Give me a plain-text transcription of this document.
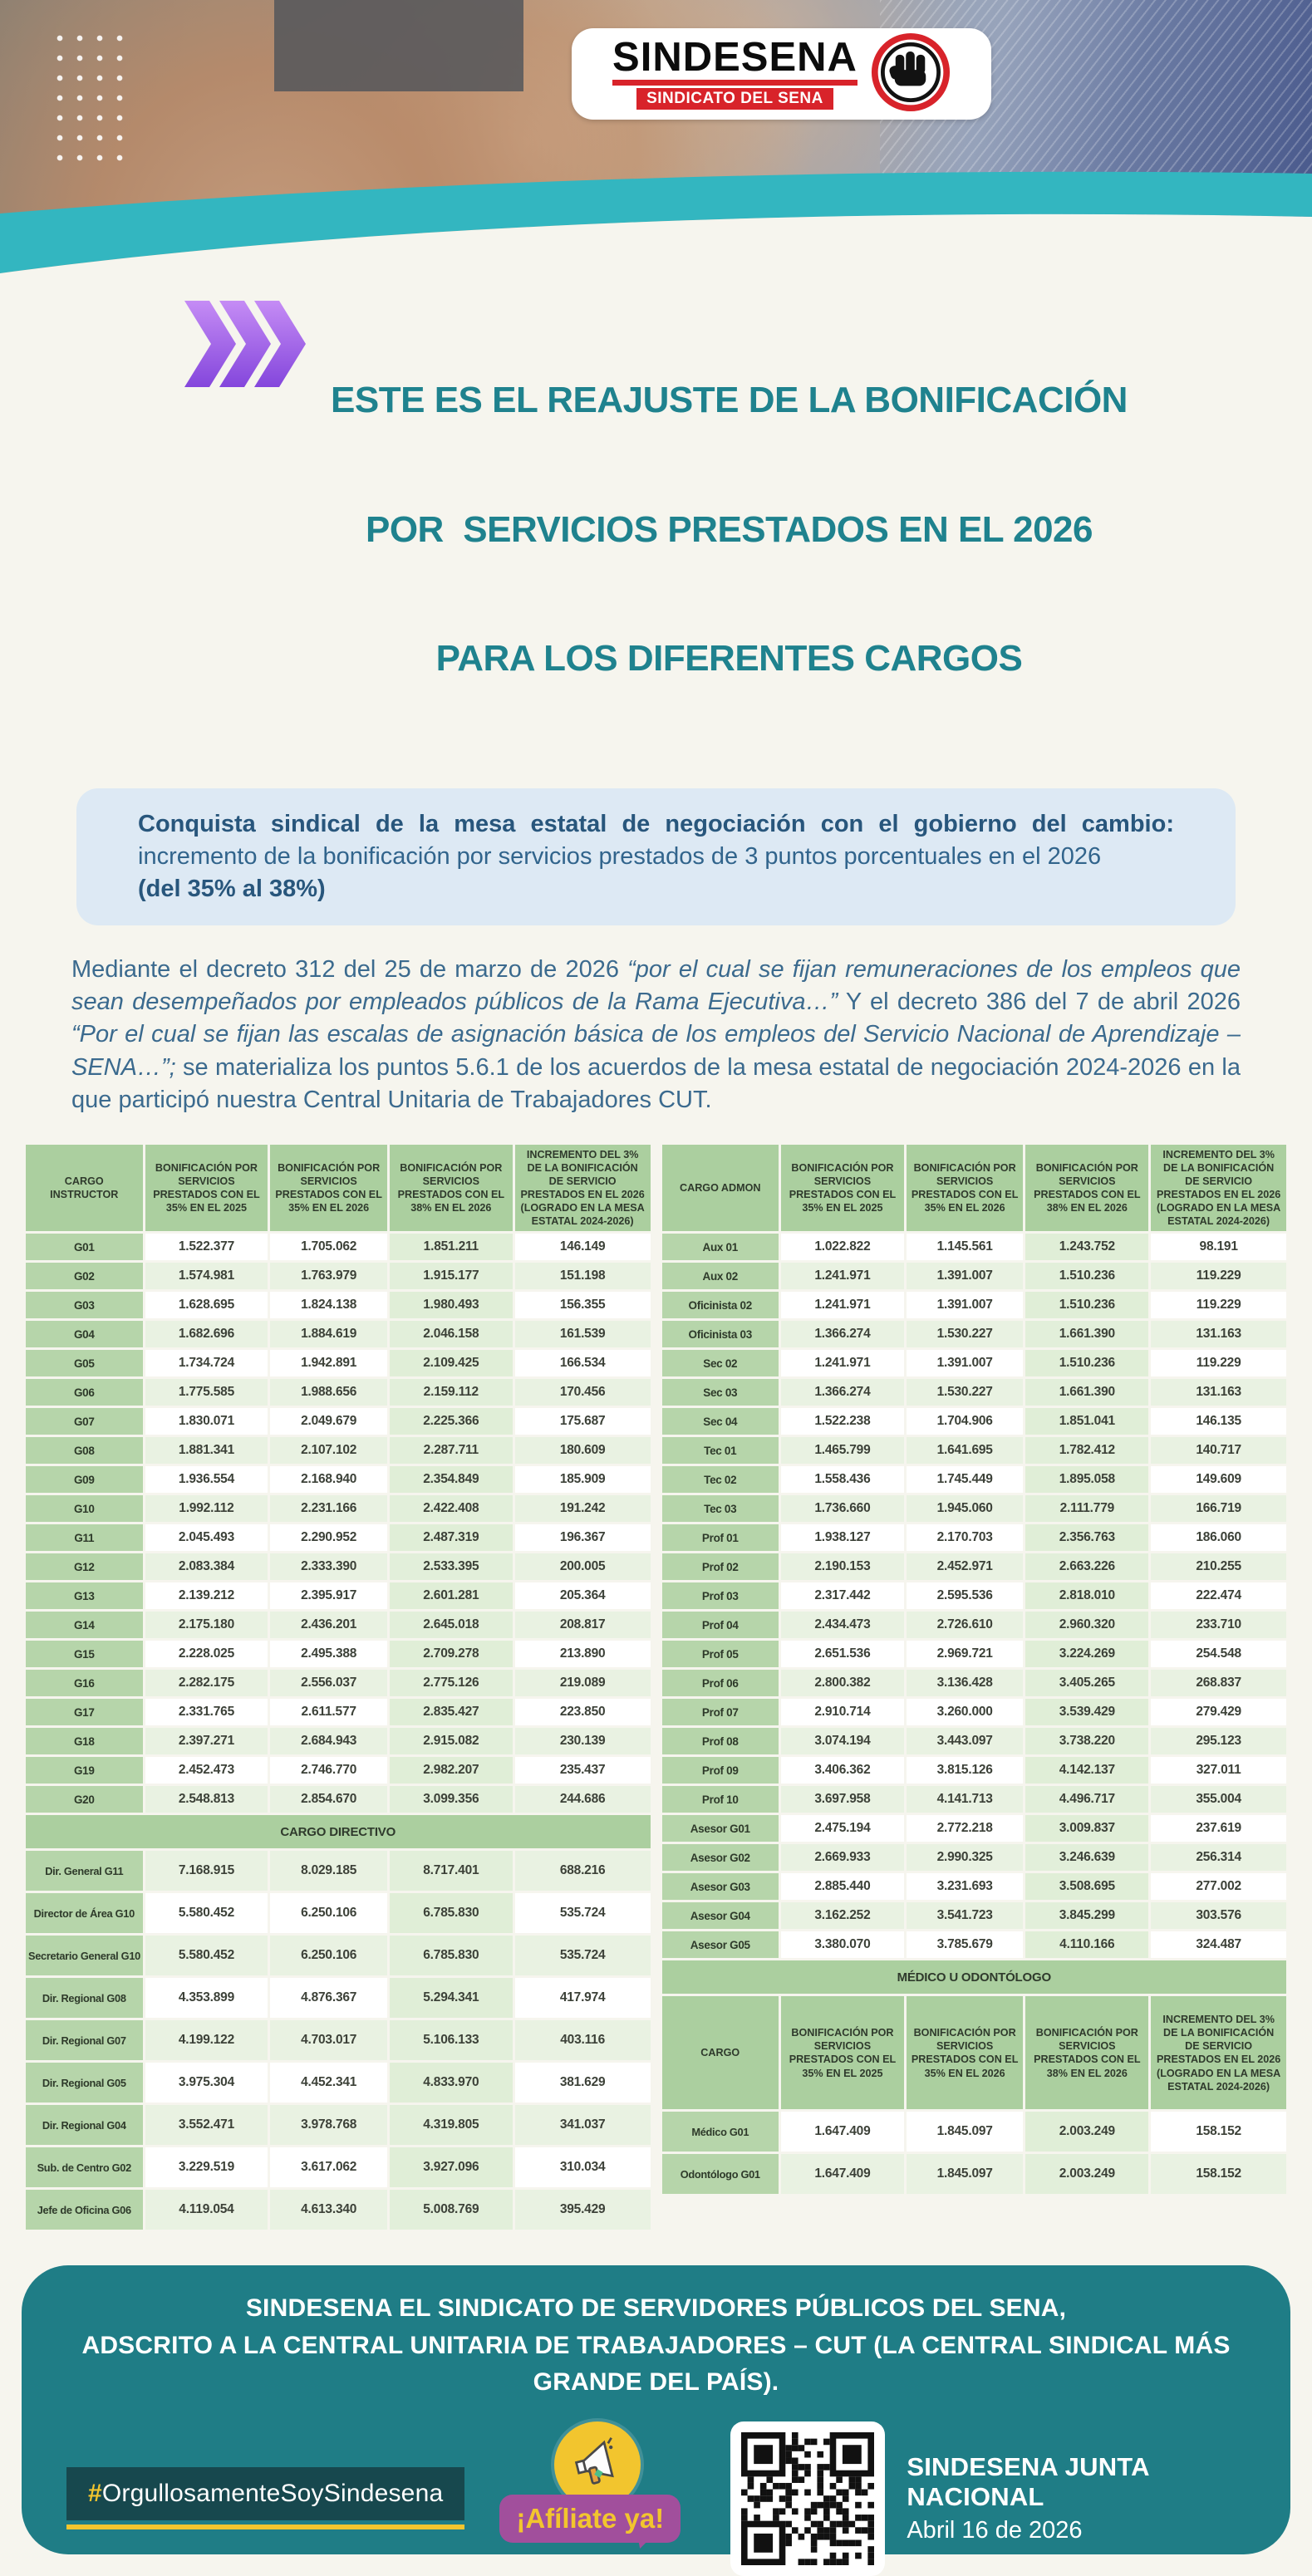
SINDESENA
SINDICATO DEL SENA

ESTE ES EL REAJUSTE DE LA BONIFICACIÓN

POR  SERVICIOS PRESTADOS EN EL 2026

PARA LOS DIFERENTES CARGOS

Conquista sindical de la mesa estatal de negociación con el gobierno del cambio:
incremento de la bonificación por servicios prestados de 3 puntos porcentuales en el 2026
(del 35% al 38%)

Mediante el decreto 312 del 25 de marzo de 2026 “por el cual se fijan remuneraciones de los empleos que sean desempeñados por empleados públicos de la Rama Ejecutiva…” Y el decreto 386 del 7 de abril 2026 “Por el cual se fijan las escalas de asignación básica de los empleos del Servicio Nacional de Aprendizaje – SENA…”; se materializa los puntos 5.6.1 de los acuerdos de la mesa estatal de negociación 2024-2026 en la que participó nuestra Central Unitaria de Trabajadores CUT.

CARGO INSTRUCTOR	BONIFICACIÓN POR SERVICIOS PRESTADOS CON EL 35% EN EL 2025	BONIFICACIÓN POR SERVICIOS PRESTADOS CON EL 35% EN EL 2026	BONIFICACIÓN POR SERVICIOS PRESTADOS CON EL 38% EN EL 2026	INCREMENTO DEL 3% DE LA BONIFICACIÓN DE SERVICIO PRESTADOS EN EL 2026 (LOGRADO EN LA MESA ESTATAL 2024-2026)
G01	1.522.377	1.705.062	1.851.211	146.149
G02	1.574.981	1.763.979	1.915.177	151.198
G03	1.628.695	1.824.138	1.980.493	156.355
G04	1.682.696	1.884.619	2.046.158	161.539
G05	1.734.724	1.942.891	2.109.425	166.534
G06	1.775.585	1.988.656	2.159.112	170.456
G07	1.830.071	2.049.679	2.225.366	175.687
G08	1.881.341	2.107.102	2.287.711	180.609
G09	1.936.554	2.168.940	2.354.849	185.909
G10	1.992.112	2.231.166	2.422.408	191.242
G11	2.045.493	2.290.952	2.487.319	196.367
G12	2.083.384	2.333.390	2.533.395	200.005
G13	2.139.212	2.395.917	2.601.281	205.364
G14	2.175.180	2.436.201	2.645.018	208.817
G15	2.228.025	2.495.388	2.709.278	213.890
G16	2.282.175	2.556.037	2.775.126	219.089
G17	2.331.765	2.611.577	2.835.427	223.850
G18	2.397.271	2.684.943	2.915.082	230.139
G19	2.452.473	2.746.770	2.982.207	235.437
G20	2.548.813	2.854.670	3.099.356	244.686
CARGO DIRECTIVO				
Dir. General G11	7.168.915	8.029.185	8.717.401	688.216
Director de Área G10	5.580.452	6.250.106	6.785.830	535.724
Secretario General G10	5.580.452	6.250.106	6.785.830	535.724
Dir. Regional G08	4.353.899	4.876.367	5.294.341	417.974
Dir. Regional G07	4.199.122	4.703.017	5.106.133	403.116
Dir. Regional G05	3.975.304	4.452.341	4.833.970	381.629
Dir. Regional G04	3.552.471	3.978.768	4.319.805	341.037
Sub. de Centro G02	3.229.519	3.617.062	3.927.096	310.034
Jefe de Oficina G06	4.119.054	4.613.340	5.008.769	395.429
CARGO ADMON	BONIFICACIÓN POR SERVICIOS PRESTADOS CON EL 35% EN EL 2025	BONIFICACIÓN POR SERVICIOS PRESTADOS CON EL 35% EN EL 2026	BONIFICACIÓN POR SERVICIOS PRESTADOS CON EL 38% EN EL 2026	INCREMENTO DEL 3% DE LA BONIFICACIÓN DE SERVICIO PRESTADOS EN EL 2026 (LOGRADO EN LA MESA ESTATAL 2024-2026)
Aux 01	1.022.822	1.145.561	1.243.752	98.191
Aux 02	1.241.971	1.391.007	1.510.236	119.229
Oficinista 02	1.241.971	1.391.007	1.510.236	119.229
Oficinista 03	1.366.274	1.530.227	1.661.390	131.163
Sec 02	1.241.971	1.391.007	1.510.236	119.229
Sec 03	1.366.274	1.530.227	1.661.390	131.163
Sec 04	1.522.238	1.704.906	1.851.041	146.135
Tec 01	1.465.799	1.641.695	1.782.412	140.717
Tec 02	1.558.436	1.745.449	1.895.058	149.609
Tec 03	1.736.660	1.945.060	2.111.779	166.719
Prof 01	1.938.127	2.170.703	2.356.763	186.060
Prof 02	2.190.153	2.452.971	2.663.226	210.255
Prof 03	2.317.442	2.595.536	2.818.010	222.474
Prof 04	2.434.473	2.726.610	2.960.320	233.710
Prof 05	2.651.536	2.969.721	3.224.269	254.548
Prof 06	2.800.382	3.136.428	3.405.265	268.837
Prof 07	2.910.714	3.260.000	3.539.429	279.429
Prof 08	3.074.194	3.443.097	3.738.220	295.123
Prof 09	3.406.362	3.815.126	4.142.137	327.011
Prof 10	3.697.958	4.141.713	4.496.717	355.004
Asesor G01	2.475.194	2.772.218	3.009.837	237.619
Asesor G02	2.669.933	2.990.325	3.246.639	256.314
Asesor G03	2.885.440	3.231.693	3.508.695	277.002
Asesor G04	3.162.252	3.541.723	3.845.299	303.576
Asesor G05	3.380.070	3.785.679	4.110.166	324.487
MÉDICO U ODONTÓLOGO				
CARGO	BONIFICACIÓN POR SERVICIOS PRESTADOS CON EL 35% EN EL 2025	BONIFICACIÓN POR SERVICIOS PRESTADOS CON EL 35% EN EL 2026	BONIFICACIÓN POR SERVICIOS PRESTADOS CON EL 38% EN EL 2026	INCREMENTO DEL 3% DE LA BONIFICACIÓN DE SERVICIO PRESTADOS EN EL 2026 (LOGRADO EN LA MESA ESTATAL 2024-2026)
Médico G01	1.647.409	1.845.097	2.003.249	158.152
Odontólogo G01	1.647.409	1.845.097	2.003.249	158.152
SINDESENA EL SINDICATO DE SERVIDORES PÚBLICOS DEL SENA,
ADSCRITO A LA CENTRAL UNITARIA DE TRABAJADORES – CUT (LA CENTRAL SINDICAL MÁS GRANDE DEL PAÍS).
#OrgullosamenteSoySindesena
¡Afíliate ya!
SINDESENA JUNTA NACIONAL
Abril 16 de 2026
